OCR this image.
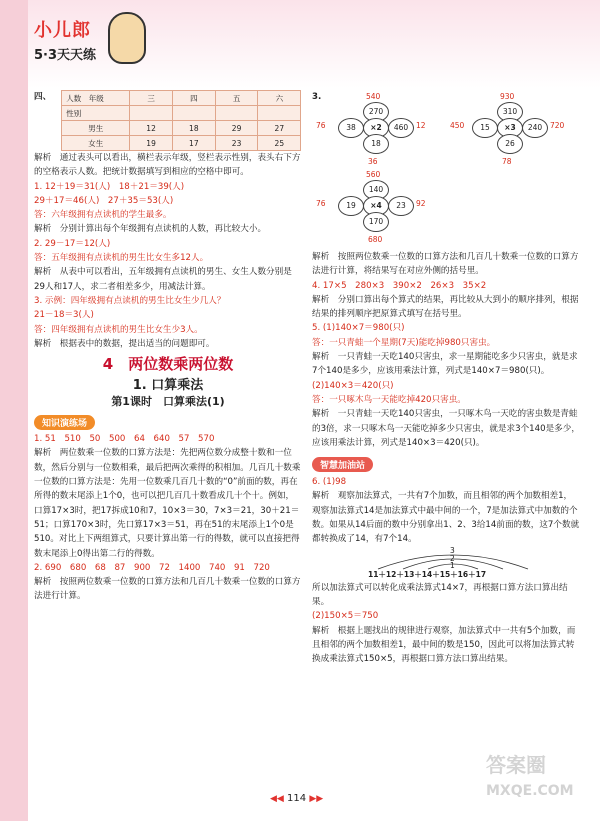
小儿郎
5·3天天练
四、 人数　 年级	三	四	五	六
性别				
男生	12	18	29	27
女生	19	17	23	25
解析　通过表头可以看出，横栏表示年级，竖栏表示性别，表头右下方的空格表示人数。把统计数据填写到相应的空格中即可。
1. 12＋19＝31(人)　18＋21＝39(人)
29＋17＝46(人)　27＋35＝53(人)
答：六年级拥有点读机的学生最多。
解析　分别计算出每个年级拥有点读机的人数，再比较大小。
2. 29－17＝12(人)
答：五年级拥有点读机的男生比女生多12人。
解析　从表中可以看出，五年级拥有点读机的男生、女生人数分别是29人和17人，求二者相差多少，用减法计算。
3. 示例：四年级拥有点读机的男生比女生少几人？
21－18＝3(人)
答：四年级拥有点读机的男生比女生少3人。
解析　根据表中的数据，提出适当的问题即可。
4　 两位数乘两位数
1. 口算乘法
第1课时　口算乘法(1)
知识演练场
1. 51　510　50　500　64　640　57　570
解析　两位数乘一位数的口算方法是：先把两位数分成整十数和一位数，然后分别与一位数相乘，最后把两次乘得的积相加。几百几十数乘一位数的口算方法是：先用一位数乘几百几十数的“0”前面的数，再在所得的数末尾添上1个0，也可以把几百几十数看成几十个十。例如，口算17×3时，把17拆成10和7，10×3＝30，7×3＝21，30＋21＝51；口算170×3时，先口算17×3＝51，再在51的末尾添上1个0是510。对比上下两组算式，只要计算出第一行的得数，就可以直接把得数末尾添上0得出第二行的得数。
2. 690　680　68　87　900　72　1400　740　91　720
解析　按照两位数乘一位数的口算方法和几百几十数乘一位数的口算方法进行计算。
3.	540
270
76	38	×2	460	12
18
36
930
310
450	15	×3	240	720
26
78
560
140
76	19	×4	23	92
170
680
解析　按照两位数乘一位数的口算方法和几百几十数乘一位数的口算方法进行计算，将结果写在对应外侧的括号里。
4. 17×5　280×3　390×2　26×3　35×2
解析　分别口算出每个算式的结果，再比较从大到小的顺序排列，根据结果的排列顺序把原算式填写在括号里。
5. (1)140×7＝980(只)
答：一只青蛙一个星期(7天)能吃掉980只害虫。
解析　一只青蛙一天吃140只害虫，求一星期能吃多少只害虫，就是求7个140是多少，应该用乘法计算，列式是140×7＝980(只)。
(2)140×3＝420(只)
答：一只啄木鸟一天能吃掉420只害虫。
解析　一只青蛙一天吃140只害虫，一只啄木鸟一天吃的害虫数是青蛙的3倍，求一只啄木鸟一天能吃掉多少只害虫，就是求3个140是多少，应该用乘法计算，列式是140×3＝420(只)。
智慧加油站
6. (1)98
解析　观察加法算式，一共有7个加数，而且相邻的两个加数相差1，观察加法算式14是加法算式中最中间的一个，7是加法算式中加数的个数。如果从14后面的数中分别拿出1、2、3给14前面的数，这7个数就都转换成了14，有7个14。
3
2
1
11＋12＋13＋14＋15＋16＋17
所以加法算式可以转化成乘法算式14×7，再根据口算方法口算出结果。
(2)150×5＝750
解析　根据上题找出的规律进行观察，加法算式中一共有5个加数，而且相邻的两个加数相差1，最中间的数是150，因此可以将加法算式转换成乘法算式150×5，再根据口算方法口算出结果。
◀◀ 114 ▶▶
答案圈
MXQE.COM
